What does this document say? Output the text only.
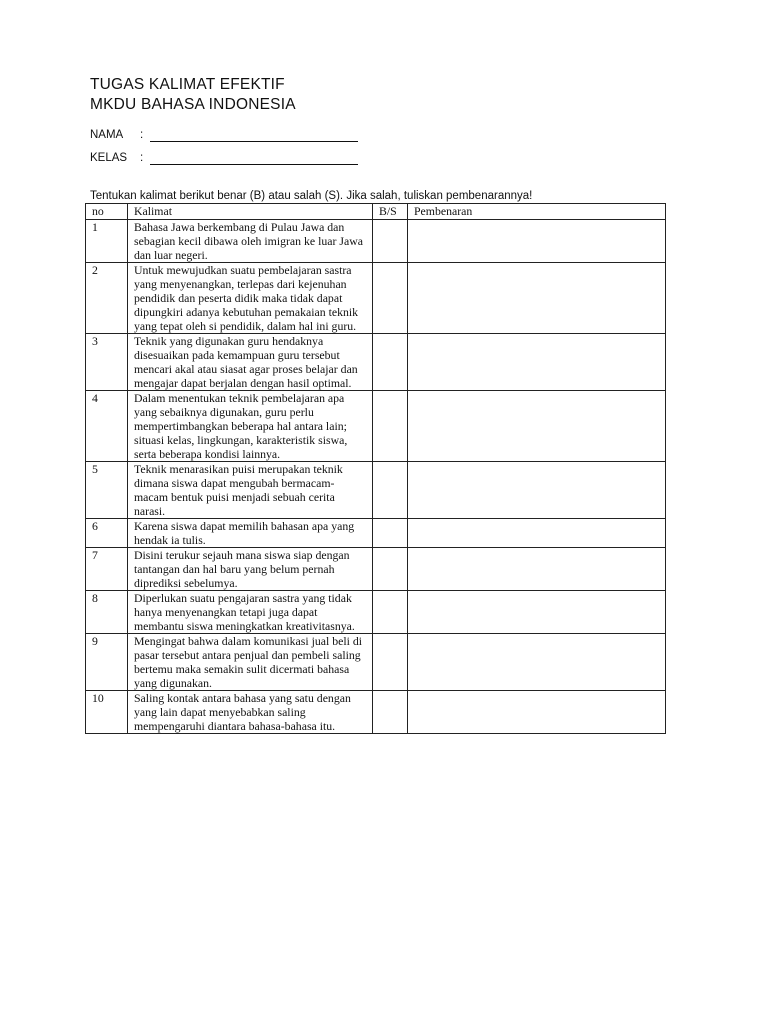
TUGAS KALIMAT EFEKTIF
MKDU BAHASA INDONESIA
NAMA :
KELAS :
Tentukan kalimat berikut benar (B) atau salah (S). Jika salah, tuliskan pembenarannya!
no	Kalimat	B/S	Pembenaran
1	Bahasa Jawa berkembang di Pulau Jawa dan sebagian kecil dibawa oleh imigran ke luar Jawa dan luar negeri.		
2	Untuk mewujudkan suatu pembelajaran sastra yang menyenangkan, terlepas dari kejenuhan pendidik dan peserta didik maka tidak dapat dipungkiri adanya kebutuhan pemakaian teknik yang tepat oleh si pendidik, dalam hal ini guru.		
3	Teknik yang digunakan guru hendaknya disesuaikan pada kemampuan guru tersebut mencari akal atau siasat agar proses belajar dan mengajar dapat berjalan dengan hasil optimal.		
4	Dalam menentukan teknik pembelajaran apa yang sebaiknya digunakan, guru perlu mempertimbangkan beberapa hal antara lain; situasi kelas, lingkungan, karakteristik siswa, serta beberapa kondisi lainnya.		
5	Teknik menarasikan puisi merupakan teknik dimana siswa dapat mengubah bermacam-macam bentuk puisi menjadi sebuah cerita narasi.		
6	Karena siswa dapat memilih bahasan apa yang hendak ia tulis.		
7	Disini terukur sejauh mana siswa siap dengan tantangan dan hal baru yang belum pernah diprediksi sebelumya.		
8	Diperlukan suatu pengajaran sastra yang tidak hanya menyenangkan tetapi juga dapat membantu siswa meningkatkan kreativitasnya.		
9	Mengingat bahwa dalam komunikasi jual beli di pasar tersebut antara penjual dan pembeli saling bertemu maka semakin sulit dicermati bahasa yang digunakan.		
10	Saling kontak antara bahasa yang satu dengan yang lain dapat menyebabkan saling mempengaruhi diantara bahasa-bahasa itu.		
